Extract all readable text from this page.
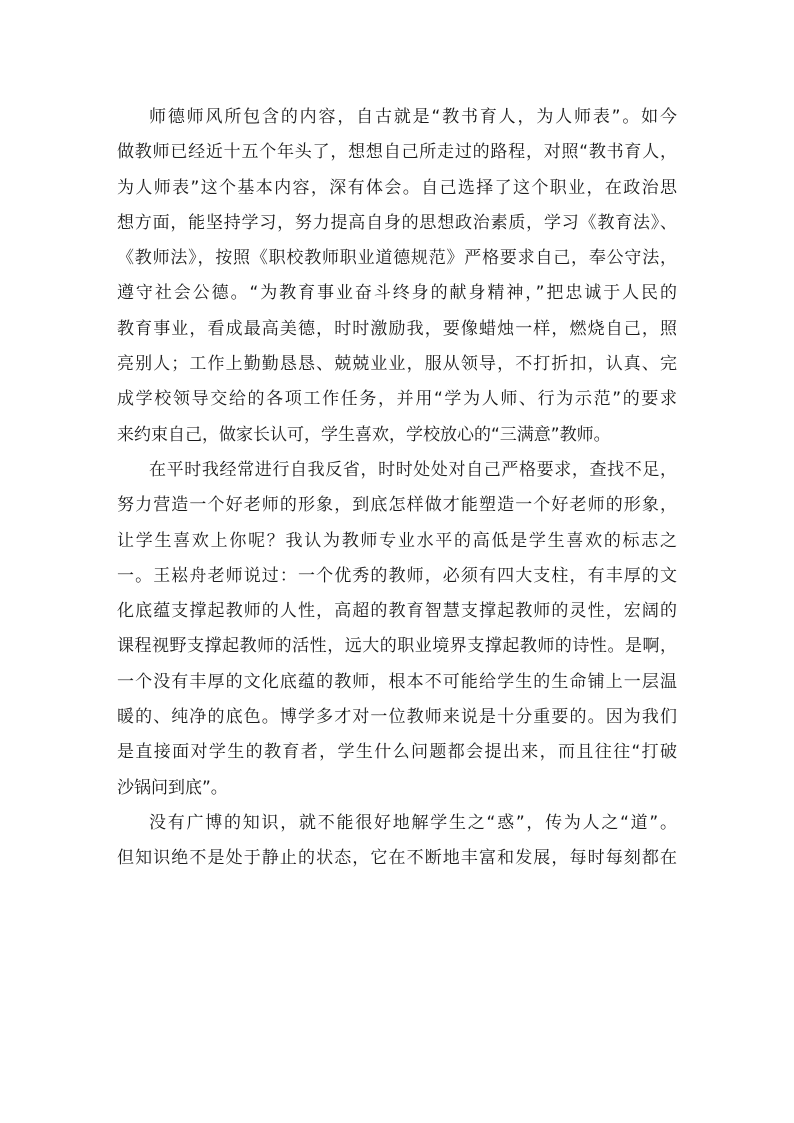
师德师风所包含的内容，自古就是“教书育人，为人师表”。如今
做教师已经近十五个年头了，想想自己所走过的路程，对照“教书育人，
为人师表”这个基本内容，深有体会。自己选择了这个职业，在政治思
想方面，能坚持学习，努力提高自身的思想政治素质，学习《教育法》、
《教师法》，按照《职校教师职业道德规范》严格要求自己，奉公守法，
遵守社会公德。“为教育事业奋斗终身的献身精神，”把忠诚于人民的
教育事业，看成最高美德，时时激励我，要像蜡烛一样，燃烧自己，照
亮别人；工作上勤勤恳恳、兢兢业业，服从领导，不打折扣，认真、完
成学校领导交给的各项工作任务，并用“学为人师、行为示范”的要求
来约束自己，做家长认可，学生喜欢，学校放心的“三满意”教师。
在平时我经常进行自我反省，时时处处对自己严格要求，查找不足，
努力营造一个好老师的形象，到底怎样做才能塑造一个好老师的形象，
让学生喜欢上你呢？我认为教师专业水平的高低是学生喜欢的标志之
一。王崧舟老师说过：一个优秀的教师，必须有四大支柱，有丰厚的文
化底蕴支撑起教师的人性，高超的教育智慧支撑起教师的灵性，宏阔的
课程视野支撑起教师的活性，远大的职业境界支撑起教师的诗性。是啊，
一个没有丰厚的文化底蕴的教师，根本不可能给学生的生命铺上一层温
暖的、纯净的底色。博学多才对一位教师来说是十分重要的。因为我们
是直接面对学生的教育者，学生什么问题都会提出来，而且往往“打破
沙锅问到底”。
没有广博的知识，就不能很好地解学生之“惑”，传为人之“道”。
但知识绝不是处于静止的状态，它在不断地丰富和发展，每时每刻都在
